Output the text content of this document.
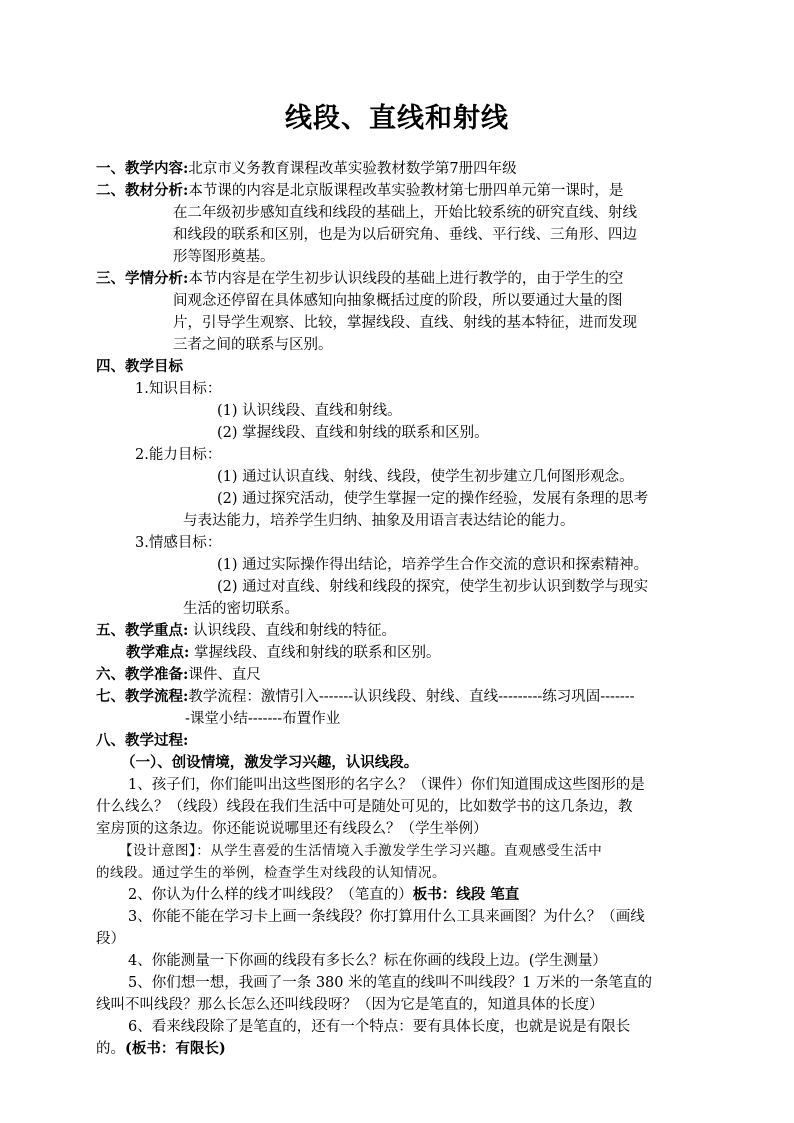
线段、直线和射线
一、教学内容:北京市义务教育课程改革实验教材数学第7册四年级
二、教材分析:本节课的内容是北京版课程改革实验教材第七册四单元第一课时，是
在二年级初步感知直线和线段的基础上，开始比较系统的研究直线、射线
和线段的联系和区别，也是为以后研究角、垂线、平行线、三角形、四边
形等图形奠基。
三、学情分析:本节内容是在学生初步认识线段的基础上进行教学的，由于学生的空
间观念还停留在具体感知向抽象概括过度的阶段，所以要通过大量的图
片，引导学生观察、比较，掌握线段、直线、射线的基本特征，进而发现
三者之间的联系与区别。
四、教学目标
1.知识目标：
(1) 认识线段、直线和射线。
(2) 掌握线段、直线和射线的联系和区别。
2.能力目标：
(1) 通过认识直线、射线、线段，使学生初步建立几何图形观念。
(2) 通过探究活动，使学生掌握一定的操作经验，发展有条理的思考
与表达能力，培养学生归纳、抽象及用语言表达结论的能力。
3.情感目标：
(1) 通过实际操作得出结论，培养学生合作交流的意识和探索精神。
(2) 通过对直线、射线和线段的探究，使学生初步认识到数学与现实
生活的密切联系。
五、教学重点: 认识线段、直线和射线的特征。
教学难点: 掌握线段、直线和射线的联系和区别。
六、教学准备:课件、直尺
七、教学流程:教学流程：激情引入-------认识线段、射线、直线---------练习巩固-------
-课堂小结-------布置作业
八、教学过程:
（一）、创设情境，激发学习兴趣，认识线段。
1、孩子们，你们能叫出这些图形的名字么？（课件）你们知道围成这些图形的是
什么线么？（线段）线段在我们生活中可是随处可见的，比如数学书的这几条边，教
室房顶的这条边。你还能说说哪里还有线段么？（学生举例）
【设计意图】：从学生喜爱的生活情境入手激发学生学习兴趣。直观感受生活中
的线段。通过学生的举例，检查学生对线段的认知情况。
2、你认为什么样的线才叫线段？（笔直的）板书：线段 笔直
3、你能不能在学习卡上画一条线段？你打算用什么工具来画图？为什么？（画线
段）
4、你能测量一下你画的线段有多长么？标在你画的线段上边。(学生测量）
5、你们想一想，我画了一条 380 米的笔直的线叫不叫线段？1 万米的一条笔直的
线叫不叫线段？那么长怎么还叫线段呀？（因为它是笔直的，知道具体的长度）
6、看来线段除了是笔直的，还有一个特点：要有具体长度，也就是说是有限长
的。(板书：有限长)
